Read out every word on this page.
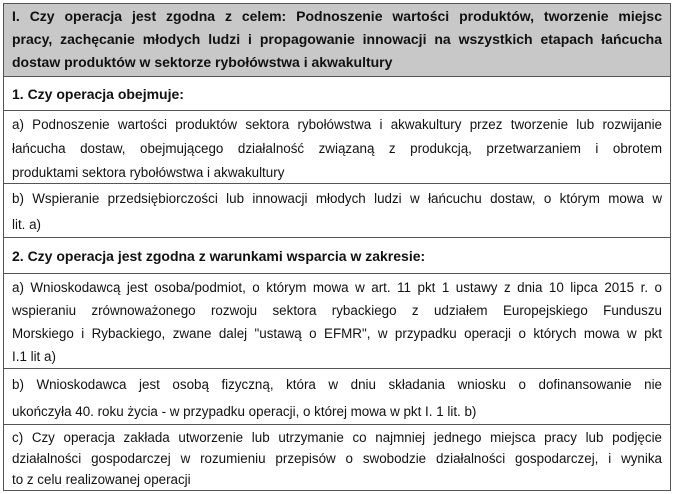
I. Czy operacja jest zgodna z celem: Podnoszenie wartości produktów, tworzenie miejsc
pracy, zachęcanie młodych ludzi i propagowanie innowacji na wszystkich etapach łańcucha
dostaw produktów w sektorze rybołówstwa i akwakultury
1. Czy operacja obejmuje:
a) Podnoszenie wartości produktów sektora rybołówstwa i akwakultury przez tworzenie lub rozwijanie
łańcucha dostaw, obejmującego działalność związaną z produkcją, przetwarzaniem i obrotem
produktami sektora rybołówstwa i akwakultury
b) Wspieranie przedsiębiorczości lub innowacji młodych ludzi w łańcuchu dostaw, o którym mowa w
lit. a)
2. Czy operacja jest zgodna z warunkami wsparcia w zakresie:
a) Wnioskodawcą jest osoba/podmiot, o którym mowa w art. 11 pkt 1 ustawy z dnia 10 lipca 2015 r. o
wspieraniu zrównoważonego rozwoju sektora rybackiego z udziałem Europejskiego Funduszu
Morskiego i Rybackiego, zwane dalej "ustawą o EFMR", w przypadku operacji o których mowa w pkt
I.1 lit a)
b) Wnioskodawca jest osobą fizyczną, która w dniu składania wniosku o dofinansowanie nie
ukończyła 40. roku życia - w przypadku operacji, o której mowa w pkt I. 1 lit. b)
c) Czy operacja zakłada utworzenie lub utrzymanie co najmniej jednego miejsca pracy lub podjęcie
działalności gospodarczej w rozumieniu przepisów o swobodzie działalności gospodarczej, i wynika
to z celu realizowanej operacji
